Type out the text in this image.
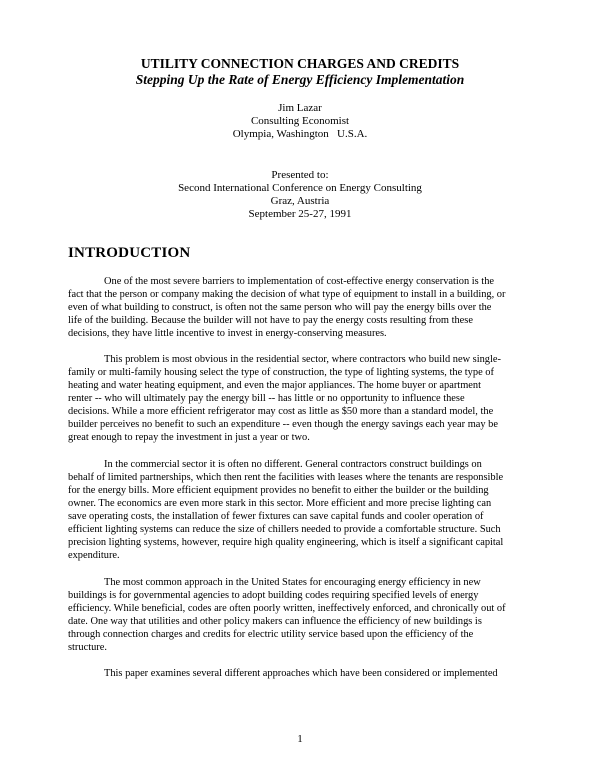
UTILITY CONNECTION CHARGES AND CREDITS
Stepping Up the Rate of Energy Efficiency Implementation
Jim Lazar
Consulting Economist
Olympia, Washington   U.S.A.
Presented to:
Second International Conference on Energy Consulting
Graz, Austria
September 25-27, 1991
INTRODUCTION
One of the most severe barriers to implementation of cost-effective energy conservation is the
fact that the person or company making the decision of what type of equipment to install in a building, or
even of what building to construct, is often not the same person who will pay the energy bills over the
life of the building. Because the builder will not have to pay the energy costs resulting from these
decisions, they have little incentive to invest in energy-conserving measures.
This problem is most obvious in the residential sector, where contractors who build new single-
family or multi-family housing select the type of construction, the type of lighting systems, the type of
heating and water heating equipment, and even the major appliances. The home buyer or apartment
renter -- who will ultimately pay the energy bill -- has little or no opportunity to influence these
decisions. While a more efficient refrigerator may cost as little as $50 more than a standard model, the
builder perceives no benefit to such an expenditure -- even though the energy savings each year may be
great enough to repay the investment in just a year or two.
In the commercial sector it is often no different. General contractors construct buildings on
behalf of limited partnerships, which then rent the facilities with leases where the tenants are responsible
for the energy bills. More efficient equipment provides no benefit to either the builder or the building
owner. The economics are even more stark in this sector. More efficient and more precise lighting can
save operating costs, the installation of fewer fixtures can save capital funds and cooler operation of
efficient lighting systems can reduce the size of chillers needed to provide a comfortable structure. Such
precision lighting systems, however, require high quality engineering, which is itself a significant capital
expenditure.
The most common approach in the United States for encouraging energy efficiency in new
buildings is for governmental agencies to adopt building codes requiring specified levels of energy
efficiency. While beneficial, codes are often poorly written, ineffectively enforced, and chronically out of
date. One way that utilities and other policy makers can influence the efficiency of new buildings is
through connection charges and credits for electric utility service based upon the efficiency of the
structure.
This paper examines several different approaches which have been considered or implemented
1
